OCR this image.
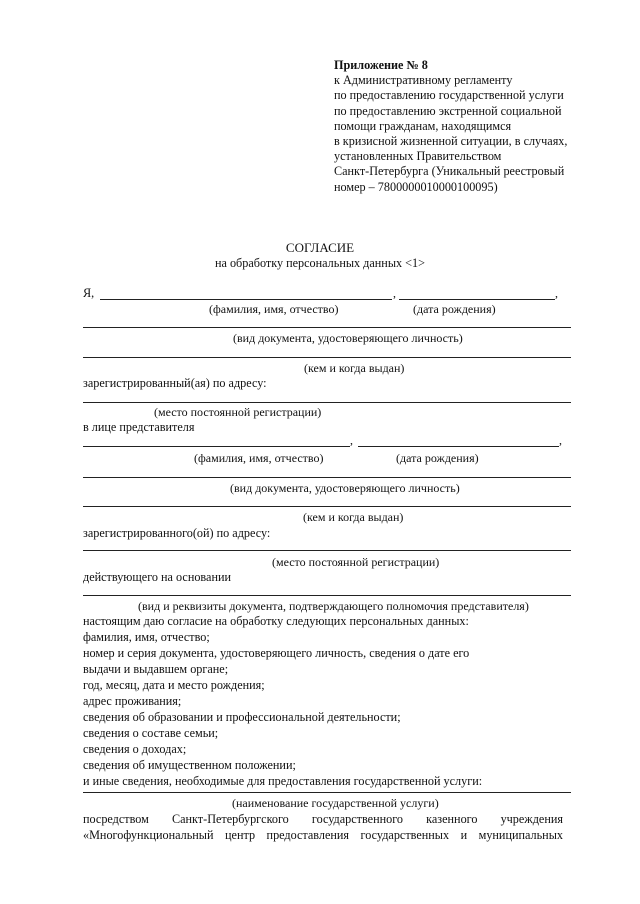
Приложение № 8
к Административному регламенту
по предоставлению государственной услуги
по предоставлению экстренной социальной
помощи гражданам, находящимся
в кризисной жизненной ситуации, в случаях,
установленных Правительством
Санкт-Петербурга (Уникальный реестровый
номер – 7800000010000100095)
СОГЛАСИЕ
на обработку персональных данных <1>
Я,	,	,
(фамилия, имя, отчество)	(дата рождения)
(вид документа, удостоверяющего личность)
(кем и когда выдан)
зарегистрированный(ая) по адресу:
(место постоянной регистрации)
в лице представителя
,	,
(фамилия, имя, отчество)	(дата рождения)
(вид документа, удостоверяющего личность)
(кем и когда выдан)
зарегистрированного(ой) по адресу:
(место постоянной регистрации)
действующего на основании
(вид и реквизиты документа, подтверждающего полномочия представителя)
настоящим даю согласие на обработку следующих персональных данных:
фамилия, имя, отчество;
номер и серия документа, удостоверяющего личность, сведения о дате его
выдачи и выдавшем органе;
год, месяц, дата и место рождения;
адрес проживания;
сведения об образовании и профессиональной деятельности;
сведения о составе семьи;
сведения о доходах;
сведения об имущественном положении;
и иные сведения, необходимые для предоставления государственной услуги:
(наименование государственной услуги)
посредством Санкт-Петербургского государственного казенного учреждения
«Многофункциональный центр предоставления государственных и муниципальных
